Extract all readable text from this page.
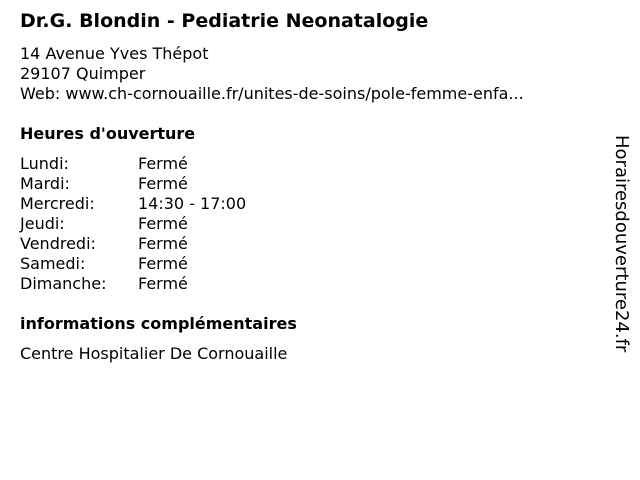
Dr.G. Blondin - Pediatrie Neonatalogie
14 Avenue Yves Thépot
29107 Quimper
Web: www.ch-cornouaille.fr/unites-de-soins/pole-femme-enfa...
Heures d'ouverture
Lundi:	Fermé
Mardi:	Fermé
Mercredi:	14:30 - 17:00
Jeudi:	Fermé
Vendredi:	Fermé
Samedi:	Fermé
Dimanche: Fermé
informations complémentaires
Centre Hospitalier De Cornouaille
Horairesdouverture24.fr
